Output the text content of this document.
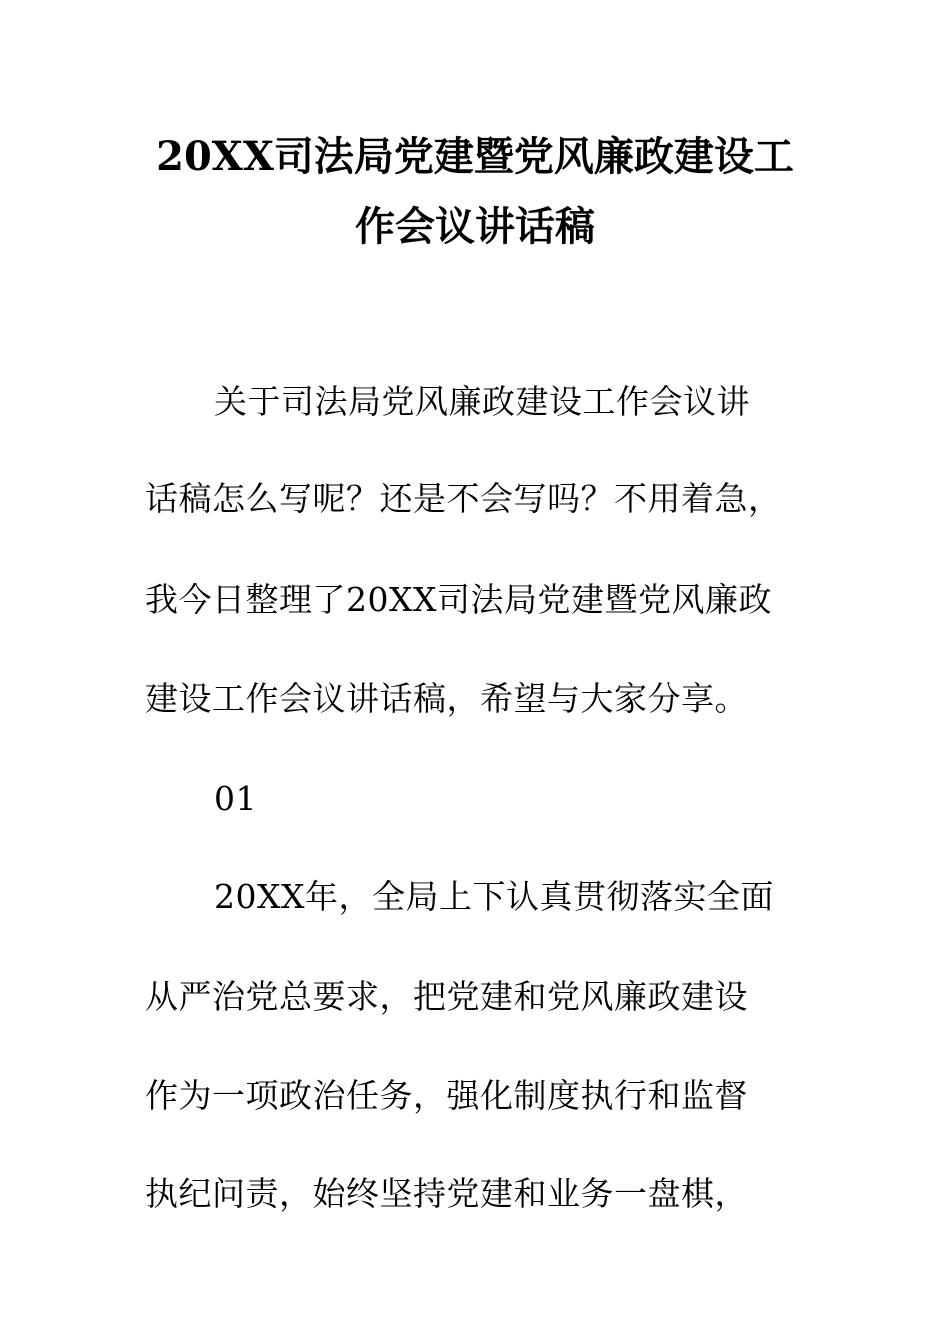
20XX司法局党建暨党风廉政建设工
作会议讲话稿
关于司法局党风廉政建设工作会议讲
话稿怎么写呢？还是不会写吗？不用着急，
我今日整理了20XX司法局党建暨党风廉政
建设工作会议讲话稿，希望与大家分享。
01
20XX年，全局上下认真贯彻落实全面
从严治党总要求，把党建和党风廉政建设
作为一项政治任务，强化制度执行和监督
执纪问责，始终坚持党建和业务一盘棋，
